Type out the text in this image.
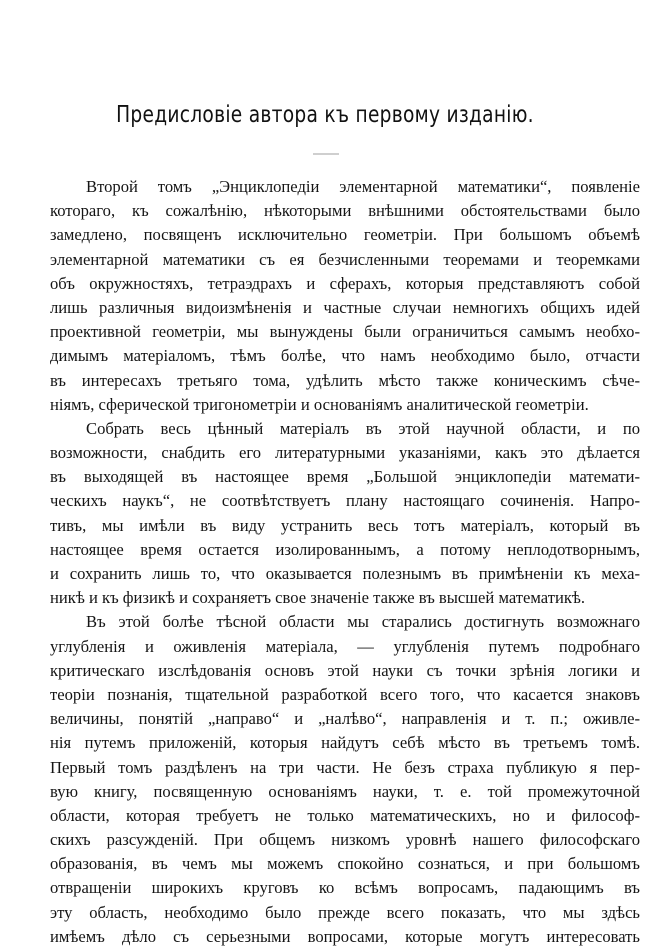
Предисловіе автора къ первому изданію.
Второй томъ „Энциклопедіи элементарной математики“, появленіе
котораго, къ сожалѣнію, нѣкоторыми внѣшними обстоятельствами было
замедлено, посвященъ исключительно геометріи. При большомъ объемѣ
элементарной математики съ ея безчисленными теоремами и теоремками
объ окружностяхъ, тетраэдрахъ и сферахъ, которыя представляютъ собой
лишь различныя видоизмѣненія и частные случаи немногихъ общихъ идей
проективной геометріи, мы вынуждены были ограничиться самымъ необхо-
димымъ матеріаломъ, тѣмъ болѣе, что намъ необходимо было, отчасти
въ интересахъ третьяго тома, удѣлить мѣсто также коническимъ сѣче-
ніямъ, сферической тригонометріи и основаніямъ аналитической геометріи.
Собрать весь цѣнный матеріалъ въ этой научной области, и по
возможности, снабдить его литературными указаніями, какъ это дѣлается
въ выходящей въ настоящее время „Большой энциклопедіи математи-
ческихъ наукъ“, не соотвѣтствуетъ плану настоящаго сочиненія. Напро-
тивъ, мы имѣли въ виду устранить весь тотъ матеріалъ, который въ
настоящее время остается изолированнымъ, а потому неплодотворнымъ,
и сохранить лишь то, что оказывается полезнымъ въ примѣненіи къ меха-
никѣ и къ физикѣ и сохраняетъ свое значеніе также въ высшей математикѣ.
Въ этой болѣе тѣсной области мы старались достигнуть возможнаго
углубленія и оживленія матеріала, — углубленія путемъ подробнаго
критическаго изслѣдованія основъ этой науки съ точки зрѣнія логики и
теоріи познанія, тщательной разработкой всего того, что касается знаковъ
величины, понятій „направо“ и „налѣво“, направленія и т. п.; оживле-
нія путемъ приложеній, которыя найдутъ себѣ мѣсто въ третьемъ томѣ.
Первый томъ раздѣленъ на три части. Не безъ страха публикую я пер-
вую книгу, посвященную основаніямъ науки, т. е. той промежуточной
области, которая требуетъ не только математическихъ, но и философ-
скихъ разсужденій. При общемъ низкомъ уровнѣ нашего философскаго
образованія, въ чемъ мы можемъ спокойно сознаться, и при большомъ
отвращеніи широкихъ круговъ ко всѣмъ вопросамъ, падающимъ въ
эту область, необходимо было прежде всего показать, что мы здѣсь
имѣемъ дѣло съ серьезными вопросами, которые могутъ интересовать
